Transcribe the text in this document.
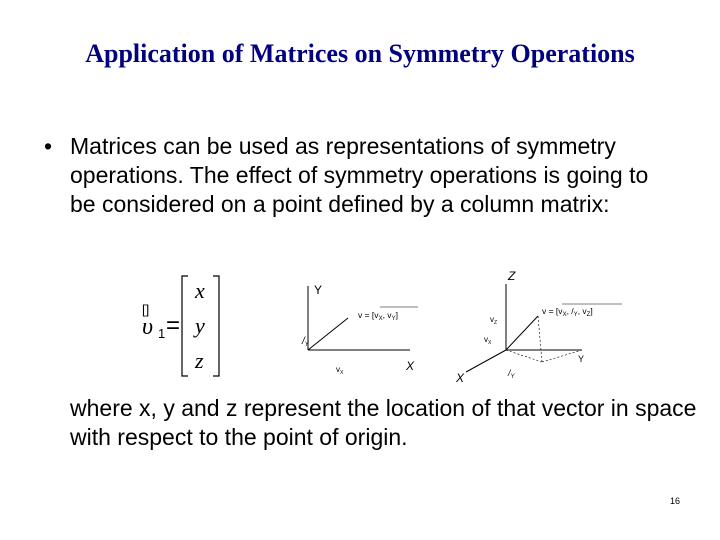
Application of Matrices on Symmetry Operations
• Matrices can be used as representations of symmetry operations. The effect of symmetry operations is going to be considered on a point defined by a column matrix:
[]
υ 1 =
x
y
z
Y
X
$v = [v_X$, $v_Y$]
$/_Y$
$v_X$
Z
X
Y
$v = [v_X$, $/_Y$, $v_Z$]
$v_Z$
$v_X$
$/_Y$
where x, y and z represent the location of that vector in space with respect to the point of origin.
16
